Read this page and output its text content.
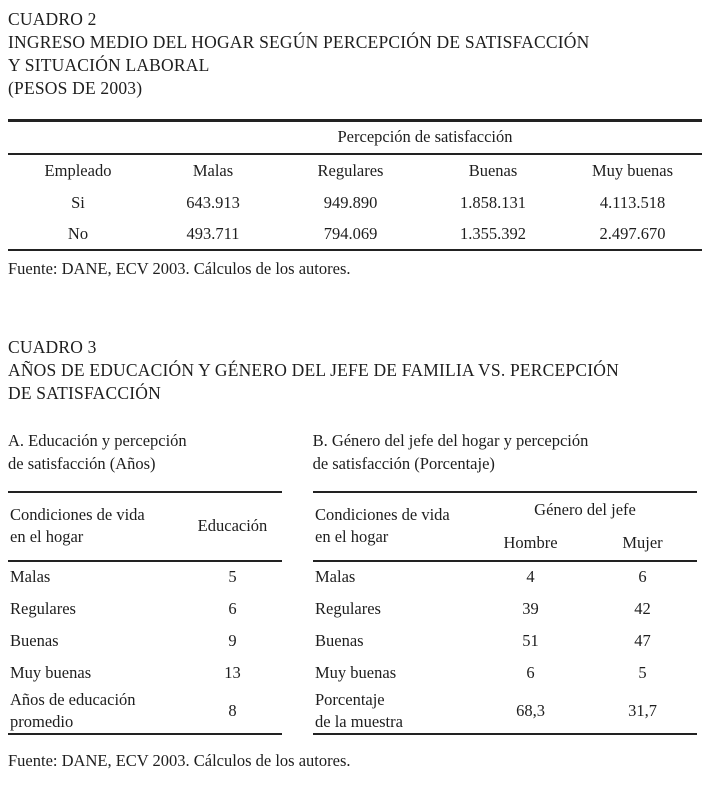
CUADRO 2
INGRESO MEDIO DEL HOGAR SEGÚN PERCEPCIÓN DE SATISFACCIÓN
Y SITUACIÓN LABORAL
(PESOS DE 2003)
	Percepción de satisfacción			
Empleado	Malas	Regulares	Buenas	Muy buenas
Si	643.913	949.890	1.858.131	4.113.518
No	493.711	794.069	1.355.392	2.497.670
Fuente: DANE, ECV 2003. Cálculos de los autores.
CUADRO 3
AÑOS DE EDUCACIÓN Y GÉNERO DEL JEFE DE FAMILIA VS. PERCEPCIÓN
DE SATISFACCIÓN
A. Educación y percepción
de satisfacción (Años)
B. Género del jefe del hogar y percepción
de satisfacción (Porcentaje)
Condiciones de vida
en el hogar	Educación
Malas	5
Regulares	6
Buenas	9
Muy buenas	13

Años de educación
promedio	8
Condiciones de vida
en el hogar	Género del jefe	
	Hombre	Mujer
Malas	4	6
Regulares	39	42
Buenas	51	47
Muy buenas	6	5

Porcentaje
de la muestra	68,3	31,7
Fuente: DANE, ECV 2003. Cálculos de los autores.
